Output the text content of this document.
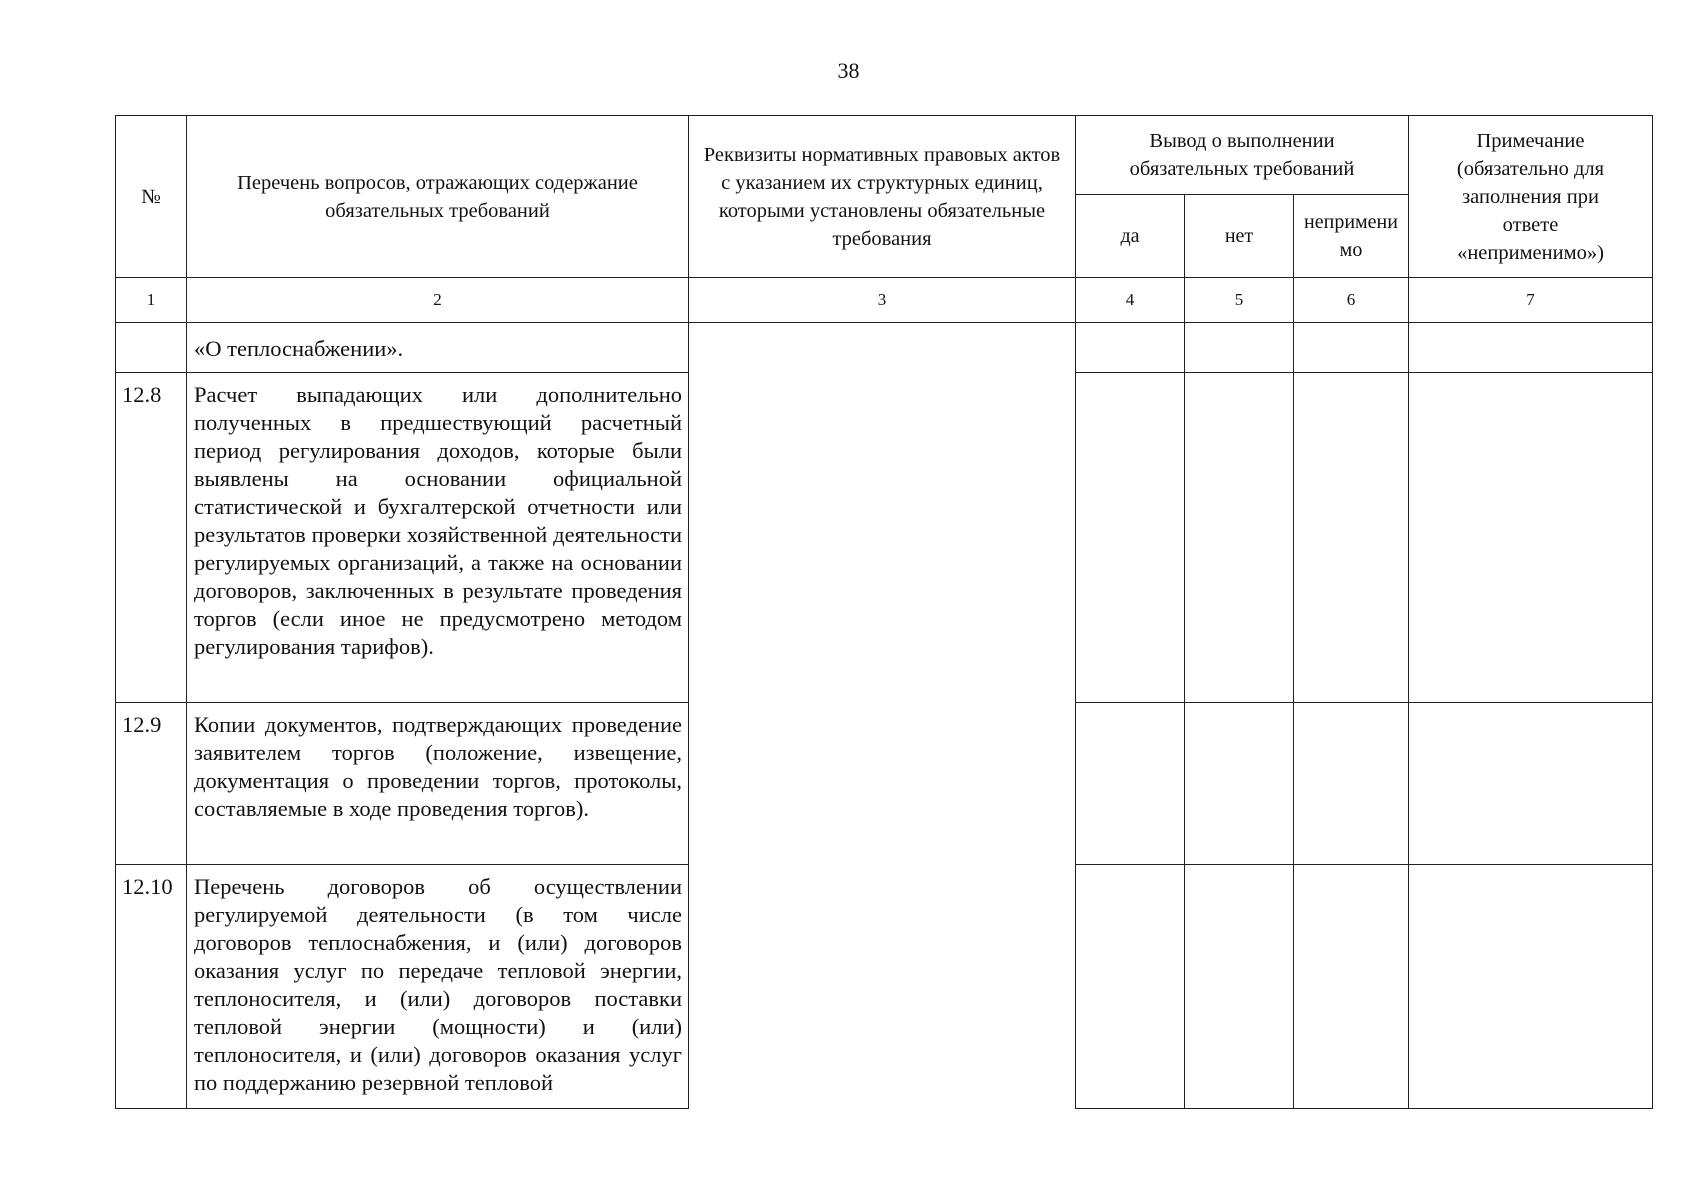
38
№	Перечень вопросов, отражающих содержание обязательных требований	Реквизиты нормативных правовых актов с указанием их структурных единиц, которыми установлены обязательные требования	Вывод о выполнении обязательных требований			Примечание (обязательно для заполнения при ответе «неприменимо»)
			да	нет	неприменимо	
1	2	3	4	5	6	7
	«О теплоснабжении».					
12.8	Расчет выпадающих или дополнительно полученных в предшествующий расчетный период регулирования доходов, которые были выявлены на основании официальной статистической и бухгалтерской отчетности или результатов проверки хозяйственной деятельности регулируемых организаций, а также на основании договоров, заключенных в результате проведения торгов (если иное не предусмотрено методом регулирования тарифов).					
12.9	Копии документов, подтверждающих проведение заявителем торгов (положение, извещение, документация о проведении торгов, протоколы, составляемые в ходе проведения торгов).					
12.10	Перечень договоров об осуществлении регулируемой деятельности (в том числе договоров теплоснабжения, и (или) договоров оказания услуг по передаче тепловой энергии, теплоносителя, и (или) договоров поставки тепловой энергии (мощности) и (или) теплоносителя, и (или) договоров оказания услуг по поддержанию резервной тепловой					
